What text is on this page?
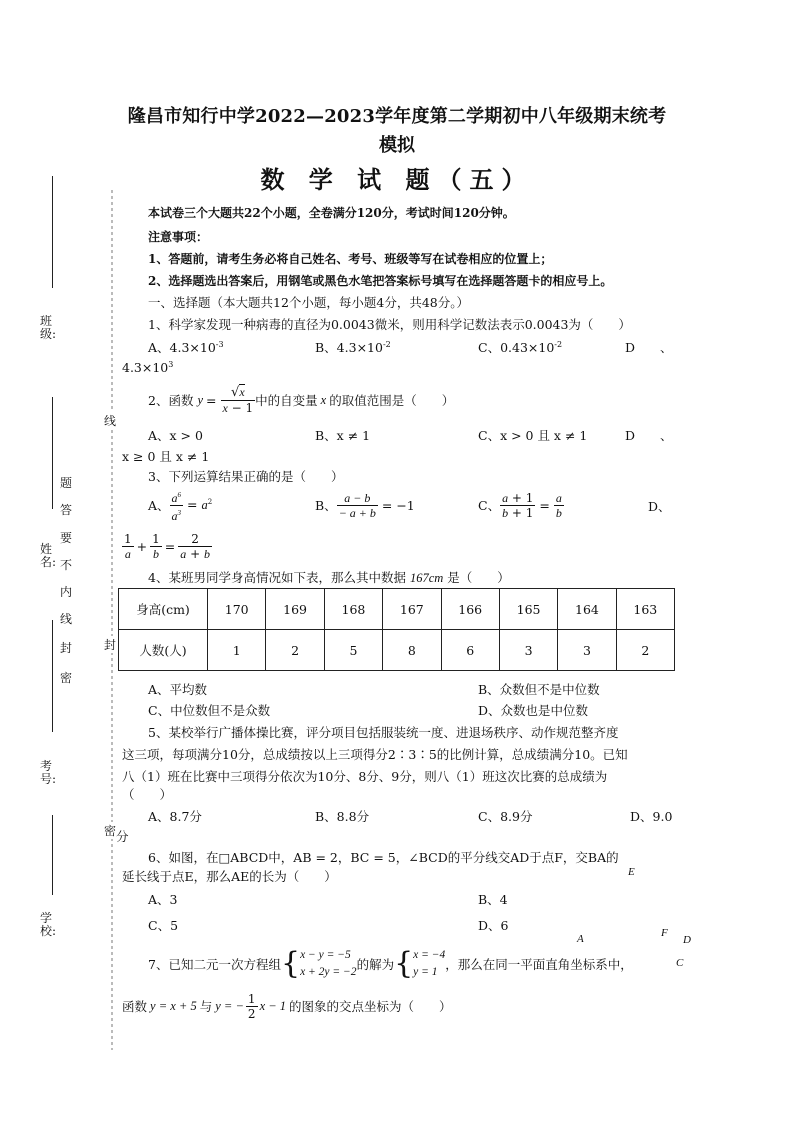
班级:
姓名:
考号:
学校:
密
封
线
内
不
要
答
题
线
封
密
隆昌市知行中学2022—2023学年度第二学期初中八年级期末统考
模拟
数 学 试 题（五）
本试卷三个大题共22个小题，全卷满分120分，考试时间120分钟。
注意事项：
1、答题前，请考生务必将自己姓名、考号、班级等写在试卷相应的位置上；
2、选择题选出答案后，用钢笔或黑色水笔把答案标号填写在选择题答题卡的相应号上。
一、选择题（本大题共12个小题，每小题4分，共48分。）
1、科学家发现一种病毒的直径为0.0043微米，则用科学记数法表示0.0043为（　　）
A、$4.3\times 10^{-3}$	B、$4.3\times 10^{-2}$	C、$0.43\times 10^{-2}$	D　　、
$4.3\times 10^3$
2、函数 $y = \frac{√x}{x - 1}$ 中的自变量 x 的取值范围是（　　）
A、x > 0	B、x ≠ 1	C、x > 0 且 x ≠ 1	D　　、
x ≥ 0 且 x ≠ 1
3、下列运算结果正确的是（　　）
A、 $\frac{a^6}{a^3} = a^2$	B、 $\frac{a - b}{- a + b} = -1$	C、 $\frac{a + 1}{b + 1} = \frac{a}{b}$	D、
$\frac{1}{a} + \frac{1}{b} = \frac{2}{a + b}$
4、某班男同学身高情况如下表，那么其中数据 167cm 是（　　）
身高(cm)	170	169	168	167	166	165	164	163
人数(人)	1	2	5	8	6	3	3	2
A、平均数	B、众数但不是中位数
C、中位数但不是众数	D、众数也是中位数
5、某校举行广播体操比赛，评分项目包括服装统一度、进退场秩序、动作规范整齐度
这三项，每项满分10分，总成绩按以上三项得分2∶3∶5的比例计算，总成绩满分10。已知
八（1）班在比赛中三项得分依次为10分、8分、9分，则八（1）班这次比赛的总成绩为
（　　）
A、8.7分	B、8.8分	C、8.9分	D、9.0
分
6、如图，在□ABCD中，AB = 2，BC = 5，∠BCD的平分线交AD于点F，交BA的
延长线于点E，那么AE的长为（　　）
A、3	B、4
C、5	D、6
E
A	F
D
C
7、已知二元一次方程组 { x − y = −5
x + 2y = −2 的解为 { x = −4
y = 1 ，那么在同一平面直角坐标系中，
函数 y = x + 5 与 y = − $\frac{1}{2}$ x − 1 的图象的交点坐标为（　　）
